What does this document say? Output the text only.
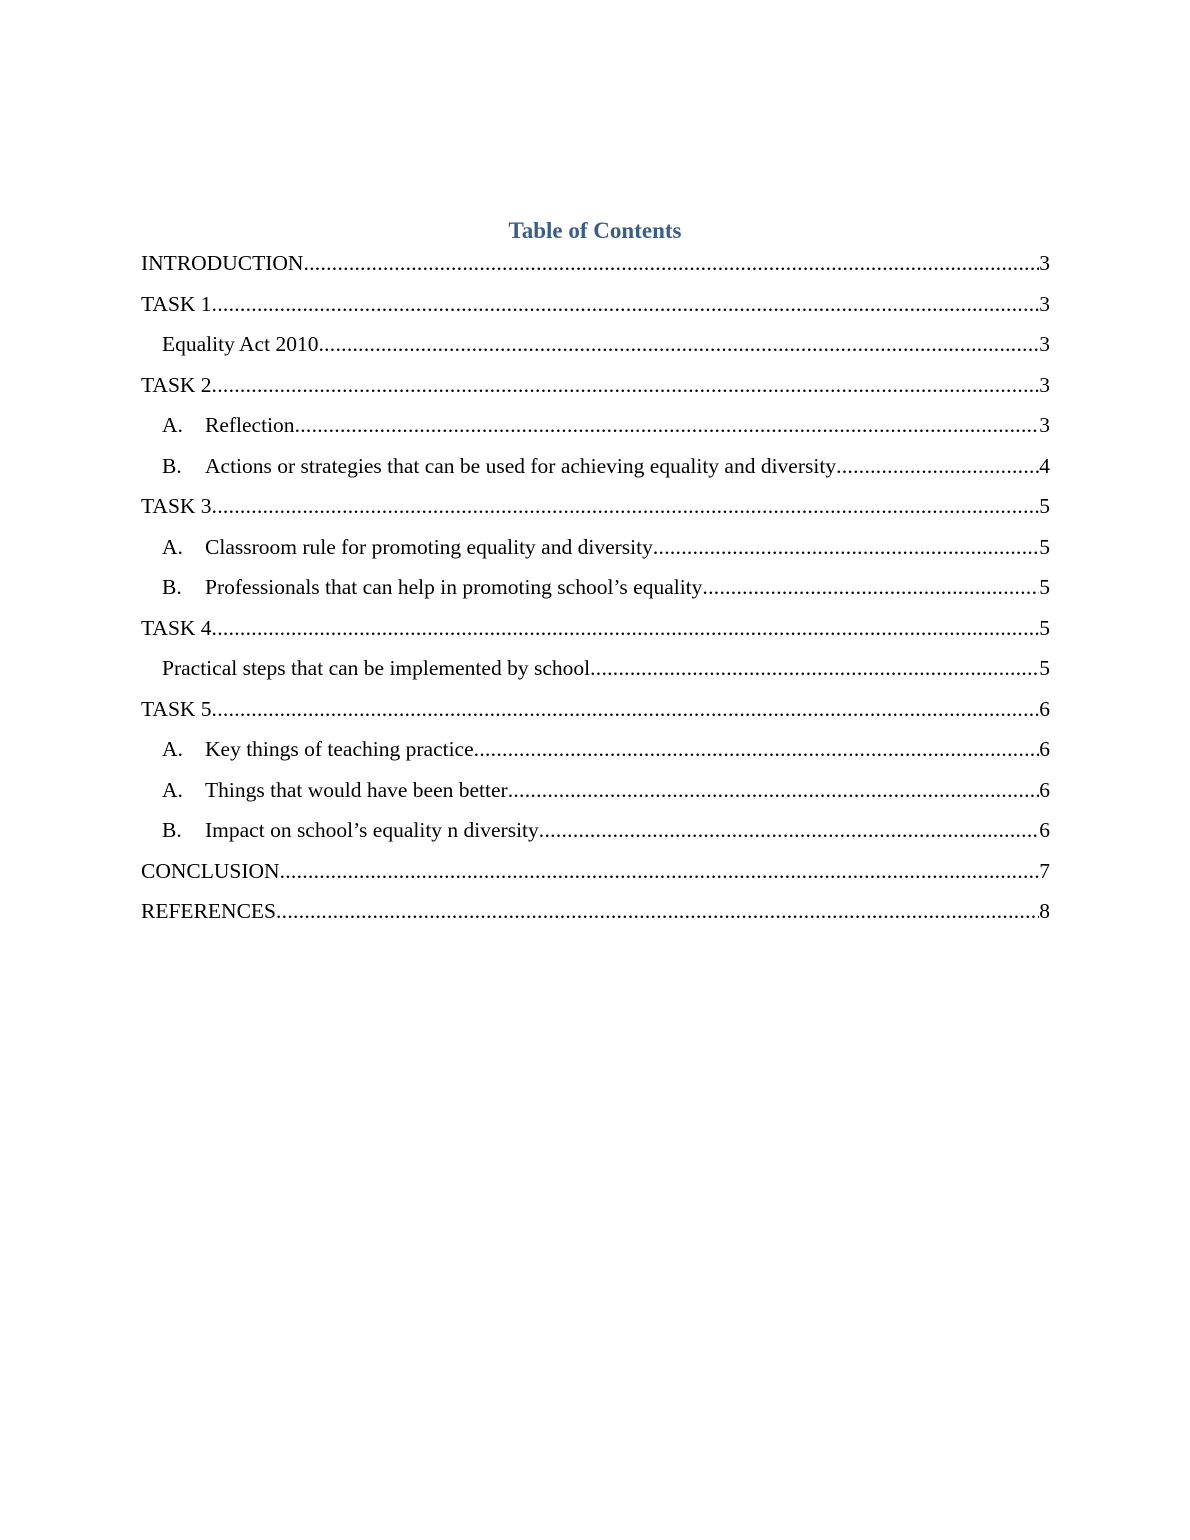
Table of Contents
INTRODUCTION .....	3
TASK 1 .....	3
Equality Act 2010 .....	3
TASK 2 .....	3
A.	Reflection .....	3
B.	Actions or strategies that can be used for achieving equality and diversity .....	4
TASK 3 .....	5
A.	Classroom rule for promoting equality and diversity .....	5
B.	Professionals that can help in promoting school’s equality .....	5
TASK 4 .....	5
Practical steps that can be implemented by school .....	5
TASK 5 .....	6
A.	Key things of teaching practice .....	6
A.	Things that would have been better .....	6
B.	Impact on school’s equality n diversity .....	6
CONCLUSION .....	7
REFERENCES .....	8
